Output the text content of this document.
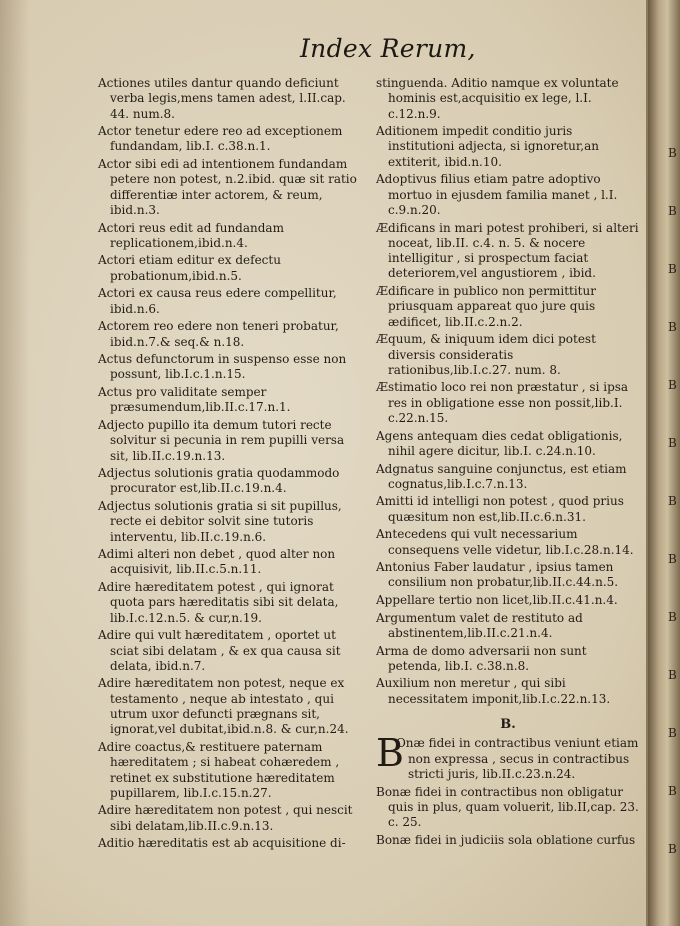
Index Rerum,
Actiones utiles dantur quando deficiunt verba legis,mens tamen adest, l.II.cap. 44. num.8.
Actor tenetur edere reo ad exceptionem fundandam, lib.I. c.38.n.1.
Actor sibi edi ad intentionem fundandam petere non potest, n.2.ibid. quæ sit ratio differentiæ inter actorem, & reum, ibid.n.3.
Actori reus edit ad fundandam replicationem,ibid.n.4.
Actori etiam editur ex defectu probationum,ibid.n.5.
Actori ex causa reus edere compellitur, ibid.n.6.
Actorem reo edere non teneri probatur, ibid.n.7.& seq.& n.18.
Actus defunctorum in suspenso esse non possunt, lib.I.c.1.n.15.
Actus pro validitate semper præsumendum,lib.II.c.17.n.1.
Adjecto pupillo ita demum tutori recte solvitur si pecunia in rem pupilli versa sit, lib.II.c.19.n.13.
Adjectus solutionis gratia quodammodo procurator est,lib.II.c.19.n.4.
Adjectus solutionis gratia si sit pupillus, recte ei debitor solvit sine tutoris interventu, lib.II.c.19.n.6.
Adimi alteri non debet , quod alter non acquisivit, lib.II.c.5.n.11.
Adire hæreditatem potest , qui ignorat quota pars hæreditatis sibi sit delata, lib.I.c.12.n.5. & cur,n.19.
Adire qui vult hæreditatem , oportet ut sciat sibi delatam , & ex qua causa sit delata, ibid.n.7.
Adire hæreditatem non potest, neque ex testamento , neque ab intestato , qui utrum uxor defuncti prægnans sit, ignorat,vel dubitat,ibid.n.8. & cur,n.24.
Adire coactus,& restituere paternam hæreditatem ; si habeat cohæredem , retinet ex substitutione hæreditatem pupillarem, lib.I.c.15.n.27.
Adire hæreditatem non potest , qui nescit sibi delatam,lib.II.c.9.n.13.
Aditio hæreditatis est ab acquisitione di-
stinguenda. Aditio namque ex voluntate hominis est,acquisitio ex lege, l.I. c.12.n.9.
Aditionem impedit conditio juris institutioni adjecta, si ignoretur,an extiterit, ibid.n.10.
Adoptivus filius etiam patre adoptivo mortuo in ejusdem familia manet , l.I. c.9.n.20.
Ædificans in mari potest prohiberi, si alteri noceat, lib.II. c.4. n. 5. & nocere intelligitur , si prospectum faciat deteriorem,vel angustiorem , ibid.
Ædificare in publico non permittitur priusquam appareat quo jure quis ædificet, lib.II.c.2.n.2.
Æquum, & iniquum idem dici potest diversis consideratis rationibus,lib.I.c.27. num. 8.
Æstimatio loco rei non præstatur , si ipsa res in obligatione esse non possit,lib.I. c.22.n.15.
Agens antequam dies cedat obligationis, nihil agere dicitur, lib.I. c.24.n.10.
Adgnatus sanguine conjunctus, est etiam cognatus,lib.I.c.7.n.13.
Amitti id intelligi non potest , quod prius quæsitum non est,lib.II.c.6.n.31.
Antecedens qui vult necessarium consequens velle videtur, lib.I.c.28.n.14.
Antonius Faber laudatur , ipsius tamen consilium non probatur,lib.II.c.44.n.5.
Appellare tertio non licet,lib.II.c.41.n.4.
Argumentum valet de restituto ad abstinentem,lib.II.c.21.n.4.
Arma de domo adversarii non sunt petenda, lib.I. c.38.n.8.
Auxilium non meretur , qui sibi necessitatem imponit,lib.I.c.22.n.13.
B.
B
Onæ fidei in contractibus veniunt etiam non expressa , secus in contractibus stricti juris, lib.II.c.23.n.24.
Bonæ fidei in contractibus non obligatur quis in plus, quam voluerit, lib.II,cap. 23. c. 25.
Bonæ fidei in judiciis sola oblatione curfus
B
B
B
B
B
B
B
B
B
B
B
B
B
